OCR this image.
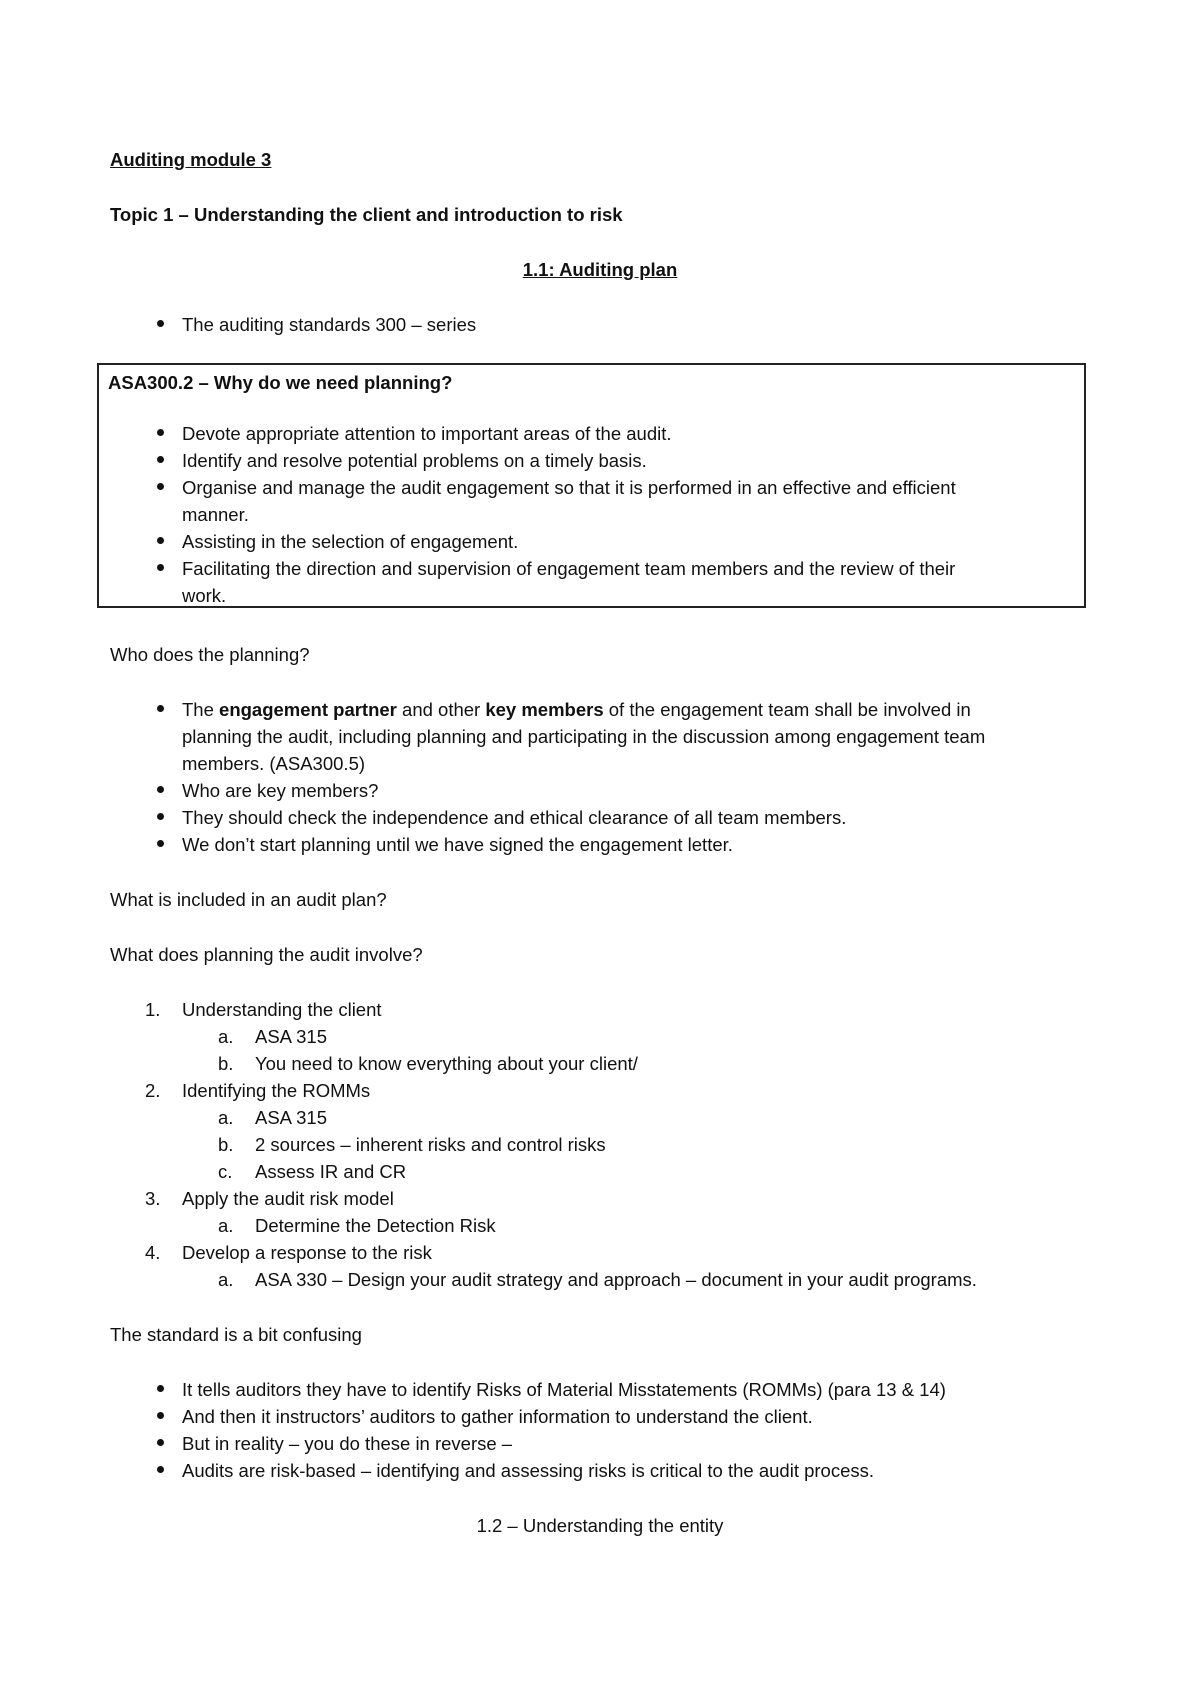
Auditing module 3
Topic 1 – Understanding the client and introduction to risk
1.1: Auditing plan
The auditing standards 300 – series
ASA300.2 – Why do we need planning?
Devote appropriate attention to important areas of the audit.
Identify and resolve potential problems on a timely basis.
Organise and manage the audit engagement so that it is performed in an effective and efficient
manner.
Assisting in the selection of engagement.
Facilitating the direction and supervision of engagement team members and the review of their
work.
Who does the planning?
The engagement partner and other key members of the engagement team shall be involved in
planning the audit, including planning and participating in the discussion among engagement team
members. (ASA300.5)
Who are key members?
They should check the independence and ethical clearance of all team members.
We don’t start planning until we have signed the engagement letter.
What is included in an audit plan?
What does planning the audit involve?
1. Understanding the client
a. ASA 315
b. You need to know everything about your client/
2. Identifying the ROMMs
a. ASA 315
b. 2 sources – inherent risks and control risks
c. Assess IR and CR
3. Apply the audit risk model
a. Determine the Detection Risk
4. Develop a response to the risk
a. ASA 330 – Design your audit strategy and approach – document in your audit programs.
The standard is a bit confusing
It tells auditors they have to identify Risks of Material Misstatements (ROMMs) (para 13 & 14)
And then it instructors’ auditors to gather information to understand the client.
But in reality – you do these in reverse –
Audits are risk-based – identifying and assessing risks is critical to the audit process.
1.2 – Understanding the entity
